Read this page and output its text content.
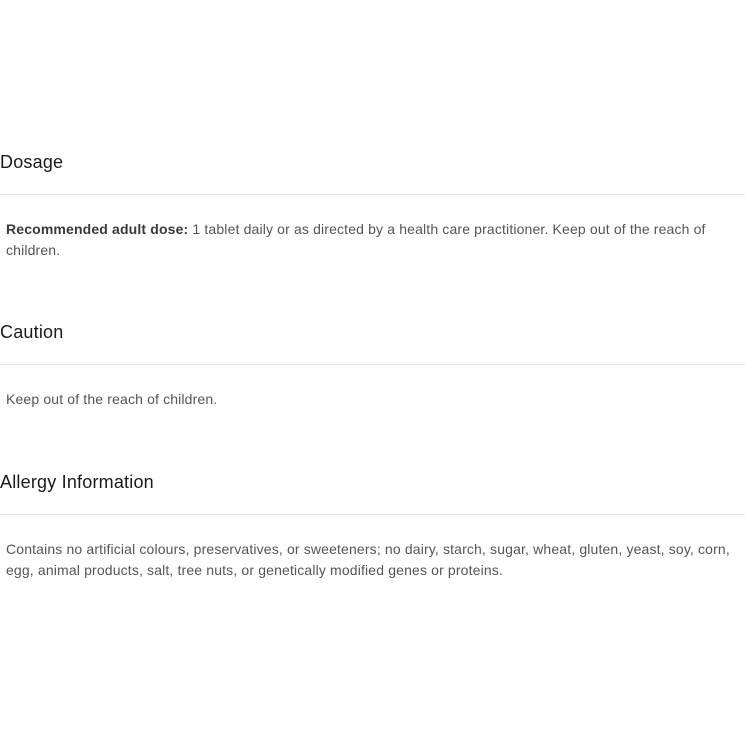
Dosage

Recommended adult dose: 1 tablet daily or as directed by a health care practitioner. Keep out of the reach of children.

Caution

Keep out of the reach of children.

Allergy Information

Contains no artificial colours, preservatives, or sweeteners; no dairy, starch, sugar, wheat, gluten, yeast, soy, corn, egg, animal products, salt, tree nuts, or genetically modified genes or proteins.
